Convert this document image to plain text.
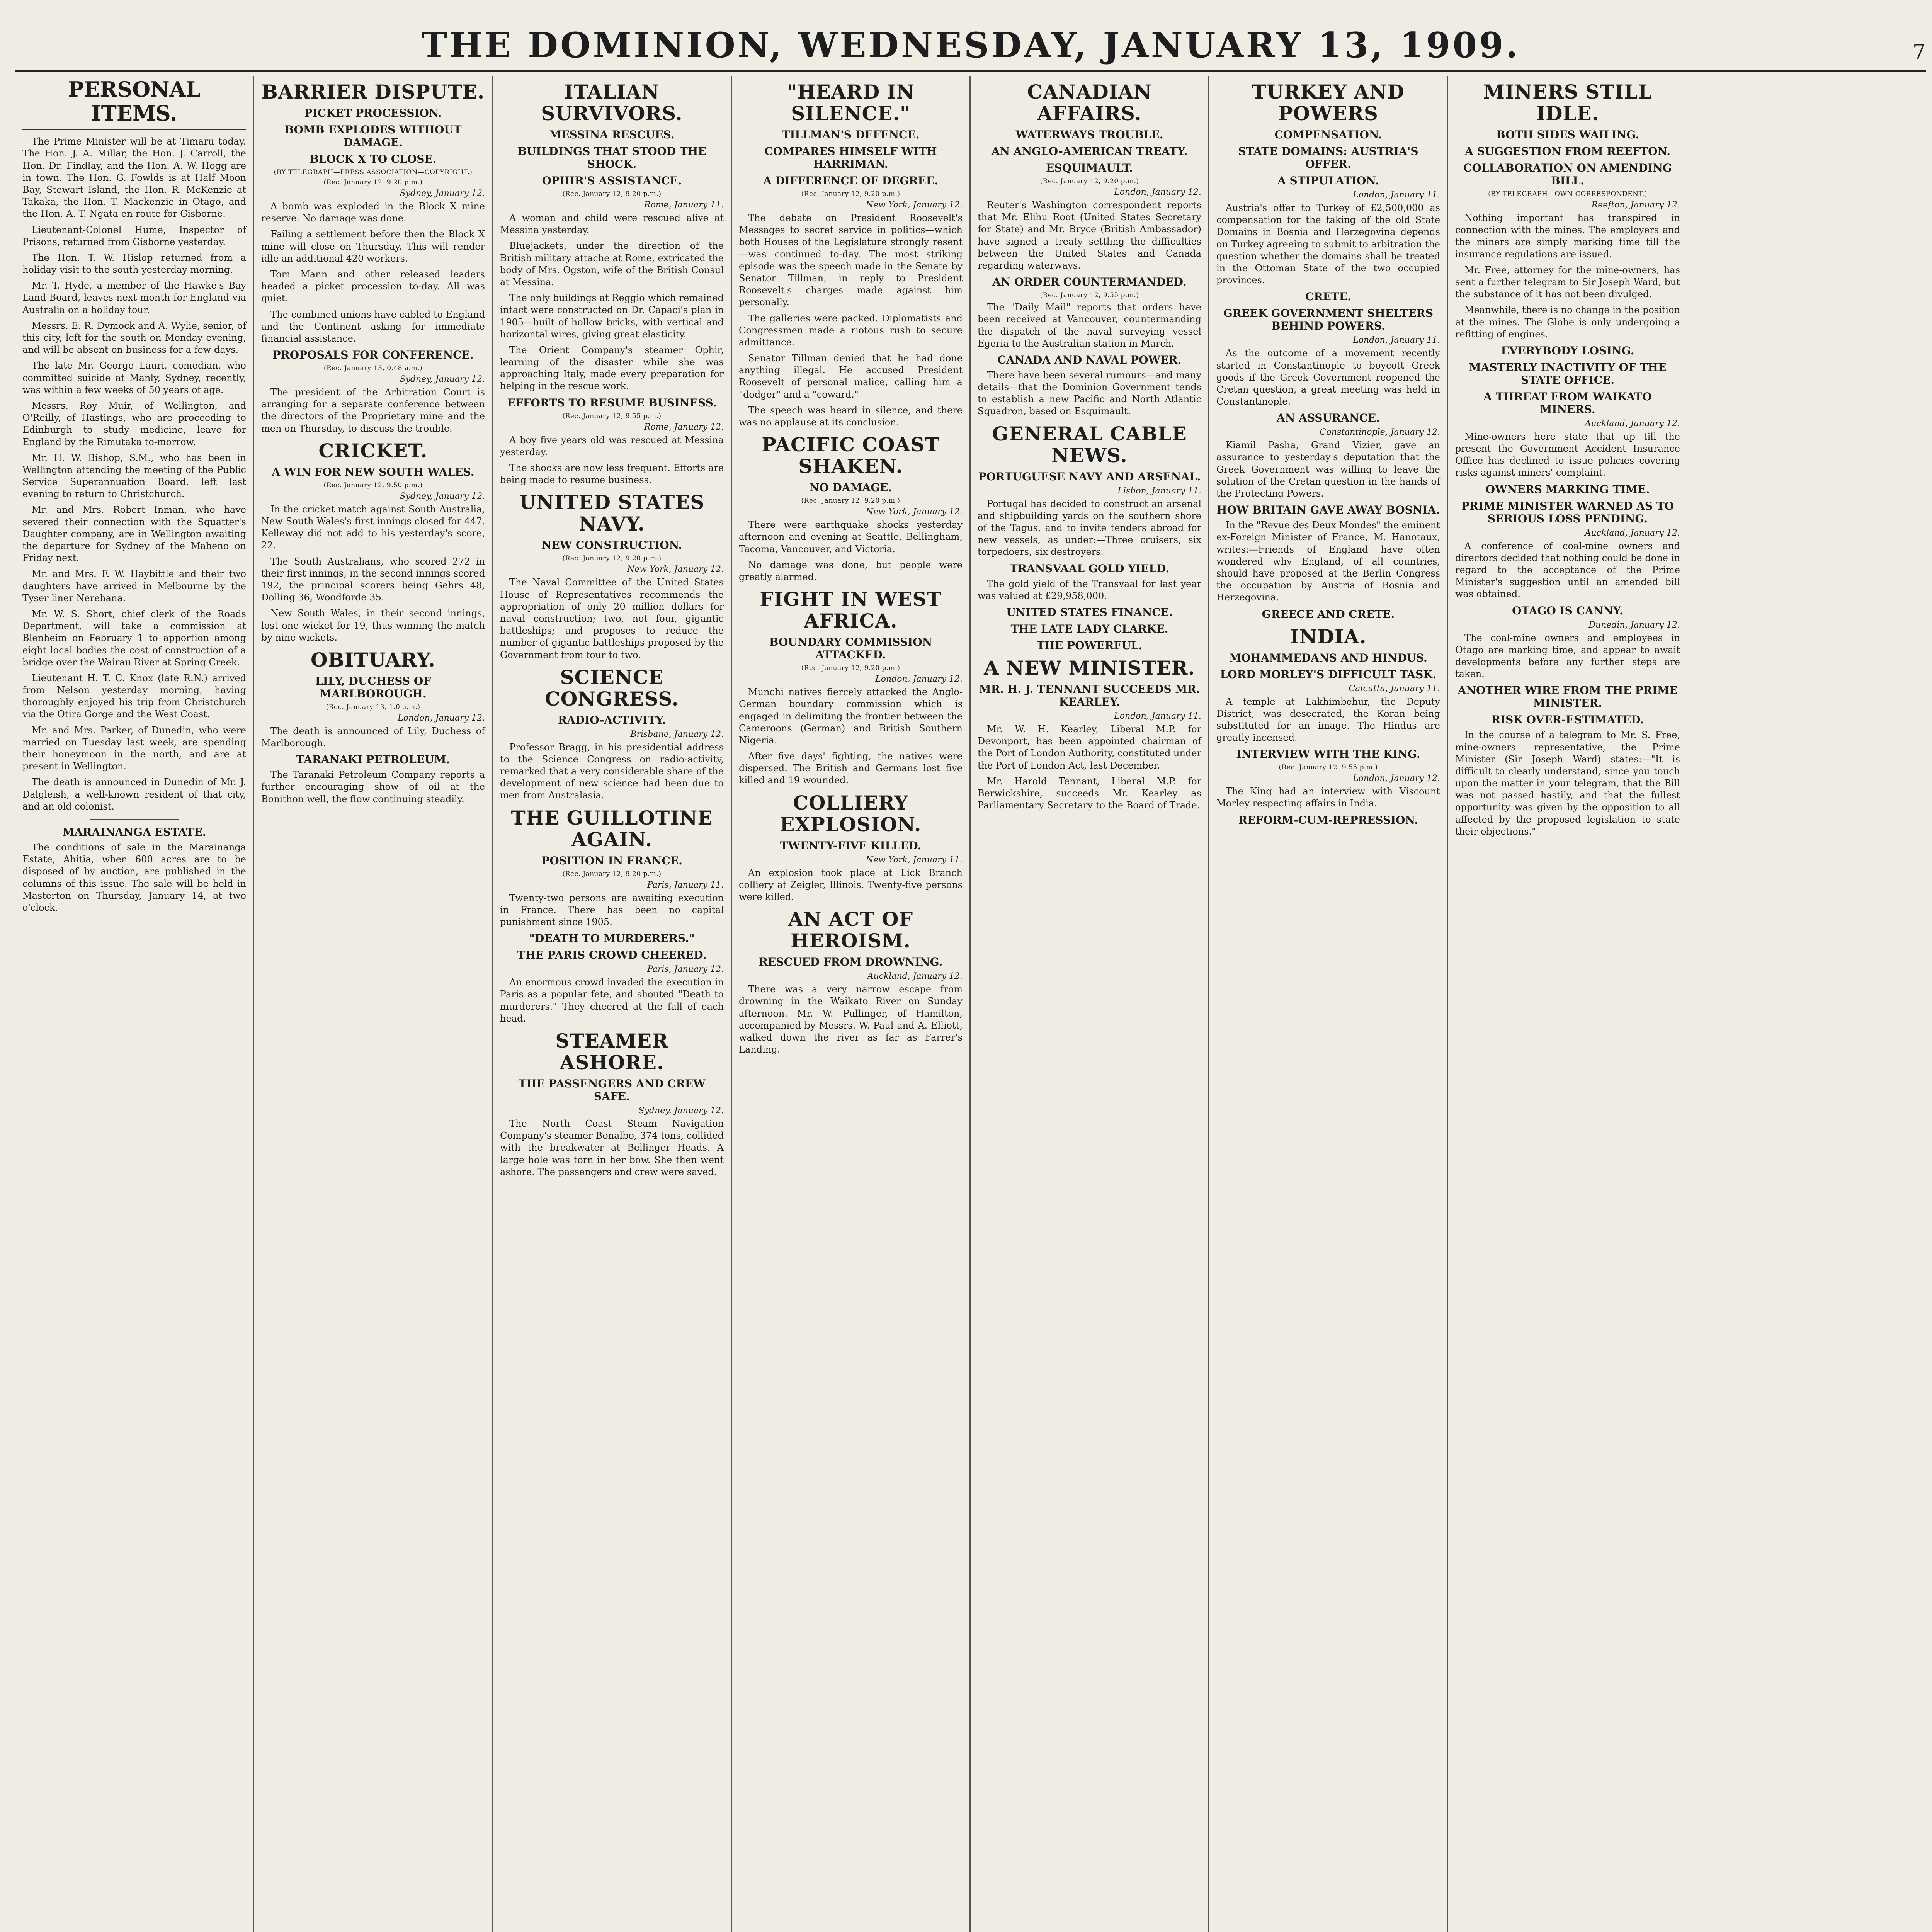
THE DOMINION, WEDNESDAY, JANUARY 13, 1909.	7
PERSONAL ITEMS.

The Prime Minister will be at Timaru today. The Hon. J. A. Millar, the Hon. J. Carroll, the Hon. Dr. Findlay, and the Hon. A. W. Hogg are in town. The Hon. G. Fowlds is at Half Moon Bay, Stewart Island, the Hon. R. McKenzie at Takaka, the Hon. T. Mackenzie in Otago, and the Hon. A. T. Ngata en route for Gisborne.

Lieutenant-Colonel Hume, Inspector of Prisons, returned from Gisborne yesterday.

The Hon. T. W. Hislop returned from a holiday visit to the south yesterday morning.

Mr. T. Hyde, a member of the Hawke's Bay Land Board, leaves next month for England via Australia on a holiday tour.

Messrs. E. R. Dymock and A. Wylie, senior, of this city, left for the south on Monday evening, and will be absent on business for a few days.

The late Mr. George Lauri, comedian, who committed suicide at Manly, Sydney, recently, was within a few weeks of 50 years of age.

Messrs. Roy Muir, of Wellington, and O'Reilly, of Hastings, who are proceeding to Edinburgh to study medicine, leave for England by the Rimutaka to-morrow.

Mr. H. W. Bishop, S.M., who has been in Wellington attending the meeting of the Public Service Superannuation Board, left last evening to return to Christchurch.

Mr. and Mrs. Robert Inman, who have severed their connection with the Squatter's Daughter company, are in Wellington awaiting the departure for Sydney of the Maheno on Friday next.

Mr. and Mrs. F. W. Haybittle and their two daughters have arrived in Melbourne by the Tyser liner Nerehana.

Mr. W. S. Short, chief clerk of the Roads Department, will take a commission at Blenheim on February 1 to apportion among eight local bodies the cost of construction of a bridge over the Wairau River at Spring Creek.

Lieutenant H. T. C. Knox (late R.N.) arrived from Nelson yesterday morning, having thoroughly enjoyed his trip from Christchurch via the Otira Gorge and the West Coast.

Mr. and Mrs. Parker, of Dunedin, who were married on Tuesday last week, are spending their honeymoon in the north, and are at present in Wellington.

The death is announced in Dunedin of Mr. J. Dalgleish, a well-known resident of that city, and an old colonist.

MARAINANGA ESTATE.

The conditions of sale in the Marainanga Estate, Ahitia, when 600 acres are to be disposed of by auction, are published in the columns of this issue. The sale will be held in Masterton on Thursday, January 14, at two o'clock.

BARRIER DISPUTE.
PICKET PROCESSION.
BOMB EXPLODES WITHOUT DAMAGE.
BLOCK X TO CLOSE.
(BY TELEGRAPH—PRESS ASSOCIATION—COPYRIGHT.)
(Rec. January 12, 9.20 p.m.)
Sydney, January 12.

A bomb was exploded in the Block X mine reserve. No damage was done.

Failing a settlement before then the Block X mine will close on Thursday. This will render idle an additional 420 workers.

Tom Mann and other released leaders headed a picket procession to-day. All was quiet.

The combined unions have cabled to England and the Continent asking for immediate financial assistance.

PROPOSALS FOR CONFERENCE.
(Rec. January 13, 0.48 a.m.)
Sydney, January 12.

The president of the Arbitration Court is arranging for a separate conference between the directors of the Proprietary mine and the men on Thursday, to discuss the trouble.

CRICKET.
A WIN FOR NEW SOUTH WALES.
(Rec. January 12, 9.50 p.m.)
Sydney, January 12.

In the cricket match against South Australia, New South Wales's first innings closed for 447. Kelleway did not add to his yesterday's score, 22.

The South Australians, who scored 272 in their first innings, in the second innings scored 192, the principal scorers being Gehrs 48, Dolling 36, Woodforde 35.

New South Wales, in their second innings, lost one wicket for 19, thus winning the match by nine wickets.

OBITUARY.
LILY, DUCHESS OF MARLBOROUGH.
(Rec. January 13, 1.0 a.m.)
London, January 12.

The death is announced of Lily, Duchess of Marlborough.

TARANAKI PETROLEUM.

The Taranaki Petroleum Company reports a further encouraging show of oil at the Bonithon well, the flow continuing steadily.

ITALIAN SURVIVORS.
MESSINA RESCUES.
BUILDINGS THAT STOOD THE SHOCK.
OPHIR'S ASSISTANCE.
(Rec. January 12, 9.20 p.m.)
Rome, January 11.

A woman and child were rescued alive at Messina yesterday.

Bluejackets, under the direction of the British military attache at Rome, extricated the body of Mrs. Ogston, wife of the British Consul at Messina.

The only buildings at Reggio which remained intact were constructed on Dr. Capaci's plan in 1905—built of hollow bricks, with vertical and horizontal wires, giving great elasticity.

The Orient Company's steamer Ophir, learning of the disaster while she was approaching Italy, made every preparation for helping in the rescue work.

EFFORTS TO RESUME BUSINESS.
(Rec. January 12, 9.55 p.m.)
Rome, January 12.

A boy five years old was rescued at Messina yesterday.

The shocks are now less frequent. Efforts are being made to resume business.

UNITED STATES NAVY.
NEW CONSTRUCTION.
(Rec. January 12, 9.20 p.m.)
New York, January 12.

The Naval Committee of the United States House of Representatives recommends the appropriation of only 20 million dollars for naval construction; two, not four, gigantic battleships; and proposes to reduce the number of gigantic battleships proposed by the Government from four to two.

SCIENCE CONGRESS.
RADIO-ACTIVITY.
Brisbane, January 12.

Professor Bragg, in his presidential address to the Science Congress on radio-activity, remarked that a very considerable share of the development of new science had been due to men from Australasia.

THE GUILLOTINE AGAIN.
POSITION IN FRANCE.
(Rec. January 12, 9.20 p.m.)
Paris, January 11.

Twenty-two persons are awaiting execution in France. There has been no capital punishment since 1905.

"DEATH TO MURDERERS."
THE PARIS CROWD CHEERED.
Paris, January 12.

An enormous crowd invaded the execution in Paris as a popular fete, and shouted "Death to murderers." They cheered at the fall of each head.

STEAMER ASHORE.
THE PASSENGERS AND CREW SAFE.
Sydney, January 12.

The North Coast Steam Navigation Company's steamer Bonalbo, 374 tons, collided with the breakwater at Bellinger Heads. A large hole was torn in her bow. She then went ashore. The passengers and crew were saved.

"HEARD IN SILENCE."
TILLMAN'S DEFENCE.
COMPARES HIMSELF WITH HARRIMAN.
A DIFFERENCE OF DEGREE.
(Rec. January 12, 9.20 p.m.)
New York, January 12.

The debate on President Roosevelt's Messages to secret service in politics—which both Houses of the Legislature strongly resent—was continued to-day. The most striking episode was the speech made in the Senate by Senator Tillman, in reply to President Roosevelt's charges made against him personally.

The galleries were packed. Diplomatists and Congressmen made a riotous rush to secure admittance.

Senator Tillman denied that he had done anything illegal. He accused President Roosevelt of personal malice, calling him a "dodger" and a "coward."

The speech was heard in silence, and there was no applause at its conclusion.

PACIFIC COAST SHAKEN.
NO DAMAGE.
(Rec. January 12, 9.20 p.m.)
New York, January 12.

There were earthquake shocks yesterday afternoon and evening at Seattle, Bellingham, Tacoma, Vancouver, and Victoria.

No damage was done, but people were greatly alarmed.

FIGHT IN WEST AFRICA.
BOUNDARY COMMISSION ATTACKED.
(Rec. January 12, 9.20 p.m.)
London, January 12.

Munchi natives fiercely attacked the Anglo-German boundary commission which is engaged in delimiting the frontier between the Cameroons (German) and British Southern Nigeria.

After five days' fighting, the natives were dispersed. The British and Germans lost five killed and 19 wounded.

COLLIERY EXPLOSION.
TWENTY-FIVE KILLED.
New York, January 11.

An explosion took place at Lick Branch colliery at Zeigler, Illinois. Twenty-five persons were killed.

AN ACT OF HEROISM.
RESCUED FROM DROWNING.
Auckland, January 12.

There was a very narrow escape from drowning in the Waikato River on Sunday afternoon. Mr. W. Pullinger, of Hamilton, accompanied by Messrs. W. Paul and A. Elliott, walked down the river as far as Farrer's Landing.

CANADIAN AFFAIRS.
WATERWAYS TROUBLE.
AN ANGLO-AMERICAN TREATY.
ESQUIMAULT.
(Rec. January 12, 9.20 p.m.)
London, January 12.

Reuter's Washington correspondent reports that Mr. Elihu Root (United States Secretary for State) and Mr. Bryce (British Ambassador) have signed a treaty settling the difficulties between the United States and Canada regarding waterways.

AN ORDER COUNTERMANDED.
(Rec. January 12, 9.55 p.m.)

The "Daily Mail" reports that orders have been received at Vancouver, countermanding the dispatch of the naval surveying vessel Egeria to the Australian station in March.

CANADA AND NAVAL POWER.

There have been several rumours—and many details—that the Dominion Government tends to establish a new Pacific and North Atlantic Squadron, based on Esquimault.

GENERAL CABLE NEWS.
PORTUGUESE NAVY AND ARSENAL.
Lisbon, January 11.

Portugal has decided to construct an arsenal and shipbuilding yards on the southern shore of the Tagus, and to invite tenders abroad for new vessels, as under:—Three cruisers, six torpedoers, six destroyers.

TRANSVAAL GOLD YIELD.

The gold yield of the Transvaal for last year was valued at £29,958,000.

UNITED STATES FINANCE.
THE LATE LADY CLARKE.
THE POWERFUL.
A NEW MINISTER.
MR. H. J. TENNANT SUCCEEDS MR. KEARLEY.
London, January 11.

Mr. W. H. Kearley, Liberal M.P. for Devonport, has been appointed chairman of the Port of London Authority, constituted under the Port of London Act, last December.

Mr. Harold Tennant, Liberal M.P. for Berwickshire, succeeds Mr. Kearley as Parliamentary Secretary to the Board of Trade.

TURKEY AND POWERS
COMPENSATION.
STATE DOMAINS: AUSTRIA'S OFFER.
A STIPULATION.
London, January 11.

Austria's offer to Turkey of £2,500,000 as compensation for the taking of the old State Domains in Bosnia and Herzegovina depends on Turkey agreeing to submit to arbitration the question whether the domains shall be treated in the Ottoman State of the two occupied provinces.

CRETE.
GREEK GOVERNMENT SHELTERS BEHIND POWERS.
London, January 11.

As the outcome of a movement recently started in Constantinople to boycott Greek goods if the Greek Government reopened the Cretan question, a great meeting was held in Constantinople.

AN ASSURANCE.
Constantinople, January 12.

Kiamil Pasha, Grand Vizier, gave an assurance to yesterday's deputation that the Greek Government was willing to leave the solution of the Cretan question in the hands of the Protecting Powers.

HOW BRITAIN GAVE AWAY BOSNIA.

In the "Revue des Deux Mondes" the eminent ex-Foreign Minister of France, M. Hanotaux, writes:—Friends of England have often wondered why England, of all countries, should have proposed at the Berlin Congress the occupation by Austria of Bosnia and Herzegovina.

GREECE AND CRETE.
INDIA.
MOHAMMEDANS AND HINDUS.
LORD MORLEY'S DIFFICULT TASK.
Calcutta, January 11.

A temple at Lakhimbehur, the Deputy District, was desecrated, the Koran being substituted for an image. The Hindus are greatly incensed.

INTERVIEW WITH THE KING.
(Rec. January 12, 9.55 p.m.)
London, January 12.

The King had an interview with Viscount Morley respecting affairs in India.

REFORM-CUM-REPRESSION.
MINERS STILL IDLE.
BOTH SIDES WAILING.
A SUGGESTION FROM REEFTON.
COLLABORATION ON AMENDING BILL.
(BY TELEGRAPH—OWN CORRESPONDENT.)
Reefton, January 12.

Nothing important has transpired in connection with the mines. The employers and the miners are simply marking time till the insurance regulations are issued.

Mr. Free, attorney for the mine-owners, has sent a further telegram to Sir Joseph Ward, but the substance of it has not been divulged.

Meanwhile, there is no change in the position at the mines. The Globe is only undergoing a refitting of engines.

EVERYBODY LOSING.
MASTERLY INACTIVITY OF THE STATE OFFICE.
A THREAT FROM WAIKATO MINERS.
Auckland, January 12.

Mine-owners here state that up till the present the Government Accident Insurance Office has declined to issue policies covering risks against miners' complaint.

OWNERS MARKING TIME.
PRIME MINISTER WARNED AS TO SERIOUS LOSS PENDING.
Auckland, January 12.

A conference of coal-mine owners and directors decided that nothing could be done in regard to the acceptance of the Prime Minister's suggestion until an amended bill was obtained.

OTAGO IS CANNY.
Dunedin, January 12.

The coal-mine owners and employees in Otago are marking time, and appear to await developments before any further steps are taken.

ANOTHER WIRE FROM THE PRIME MINISTER.
RISK OVER-ESTIMATED.

In the course of a telegram to Mr. S. Free, mine-owners' representative, the Prime Minister (Sir Joseph Ward) states:—"It is difficult to clearly understand, since you touch upon the matter in your telegram, that the Bill was not passed hastily, and that the fullest opportunity was given by the opposition to all affected by the proposed legislation to state their objections."
